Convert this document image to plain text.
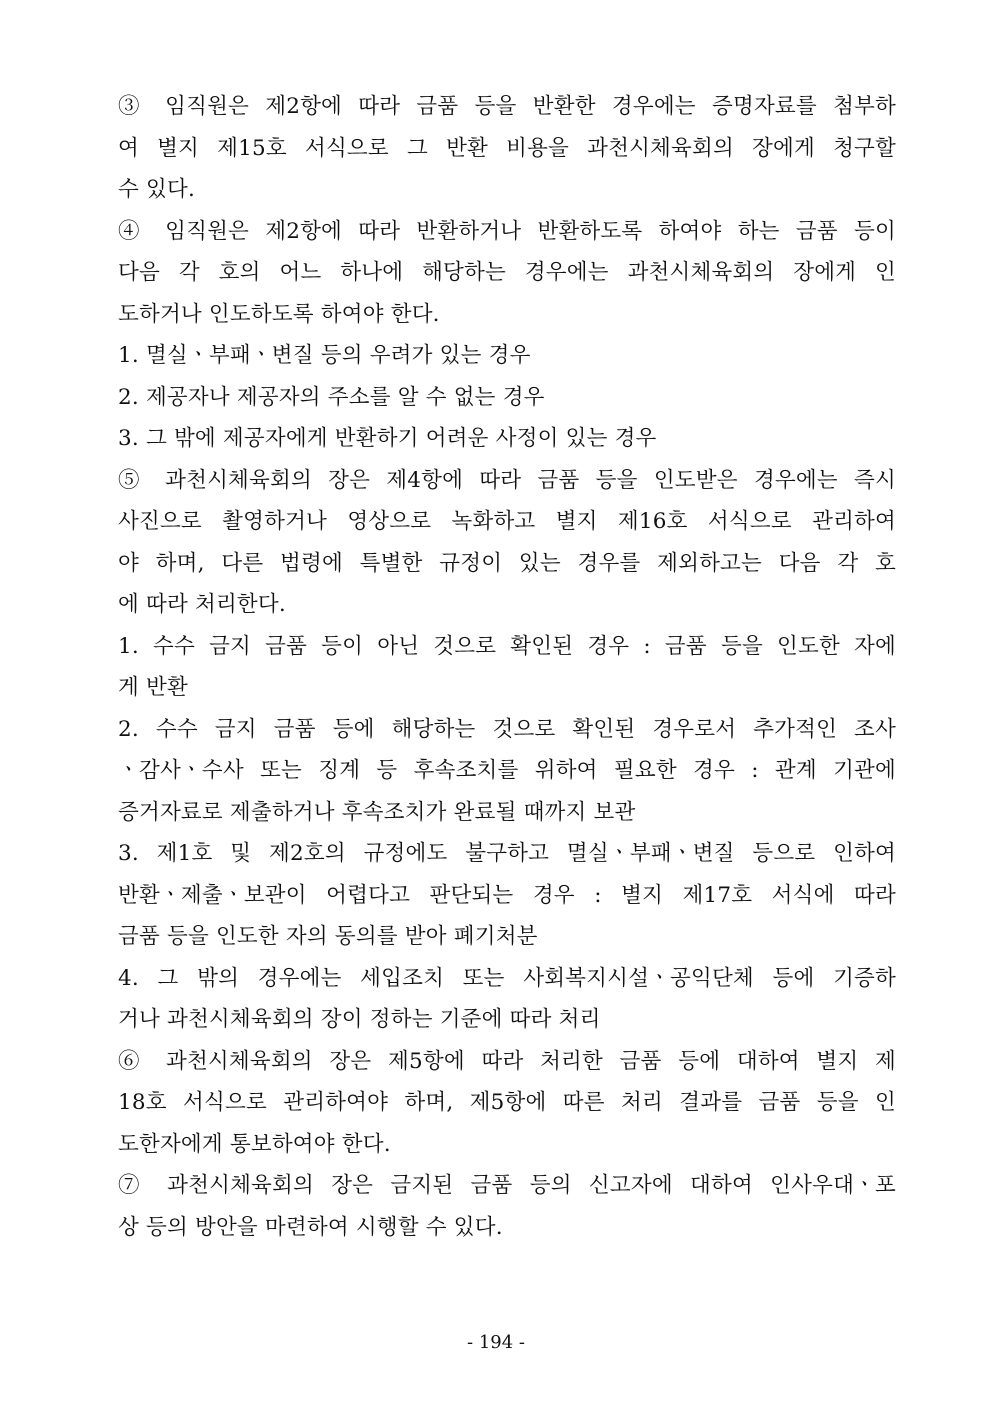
③ 임직원은 제2항에 따라 금품 등을 반환한 경우에는 증명자료를 첨부하
여 별지 제15호 서식으로 그 반환 비용을 과천시체육회의 장에게 청구할
수 있다.
④ 임직원은 제2항에 따라 반환하거나 반환하도록 하여야 하는 금품 등이
다음 각 호의 어느 하나에 해당하는 경우에는 과천시체육회의 장에게 인
도하거나 인도하도록 하여야 한다.
1. 멸실ㆍ부패ㆍ변질 등의 우려가 있는 경우
2. 제공자나 제공자의 주소를 알 수 없는 경우
3. 그 밖에 제공자에게 반환하기 어려운 사정이 있는 경우
⑤ 과천시체육회의 장은 제4항에 따라 금품 등을 인도받은 경우에는 즉시
사진으로 촬영하거나 영상으로 녹화하고 별지 제16호 서식으로 관리하여
야 하며, 다른 법령에 특별한 규정이 있는 경우를 제외하고는 다음 각 호
에 따라 처리한다.
1. 수수 금지 금품 등이 아닌 것으로 확인된 경우 : 금품 등을 인도한 자에
게 반환
2. 수수 금지 금품 등에 해당하는 것으로 확인된 경우로서 추가적인 조사
ㆍ감사ㆍ수사 또는 징계 등 후속조치를 위하여 필요한 경우 : 관계 기관에
증거자료로 제출하거나 후속조치가 완료될 때까지 보관
3. 제1호 및 제2호의 규정에도 불구하고 멸실ㆍ부패ㆍ변질 등으로 인하여
반환ㆍ제출ㆍ보관이 어렵다고 판단되는 경우 : 별지 제17호 서식에 따라
금품 등을 인도한 자의 동의를 받아 폐기처분
4. 그 밖의 경우에는 세입조치 또는 사회복지시설ㆍ공익단체 등에 기증하
거나 과천시체육회의 장이 정하는 기준에 따라 처리
⑥ 과천시체육회의 장은 제5항에 따라 처리한 금품 등에 대하여 별지 제
18호 서식으로 관리하여야 하며, 제5항에 따른 처리 결과를 금품 등을 인
도한자에게 통보하여야 한다.
⑦ 과천시체육회의 장은 금지된 금품 등의 신고자에 대하여 인사우대ㆍ포
상 등의 방안을 마련하여 시행할 수 있다.
- 194 -
